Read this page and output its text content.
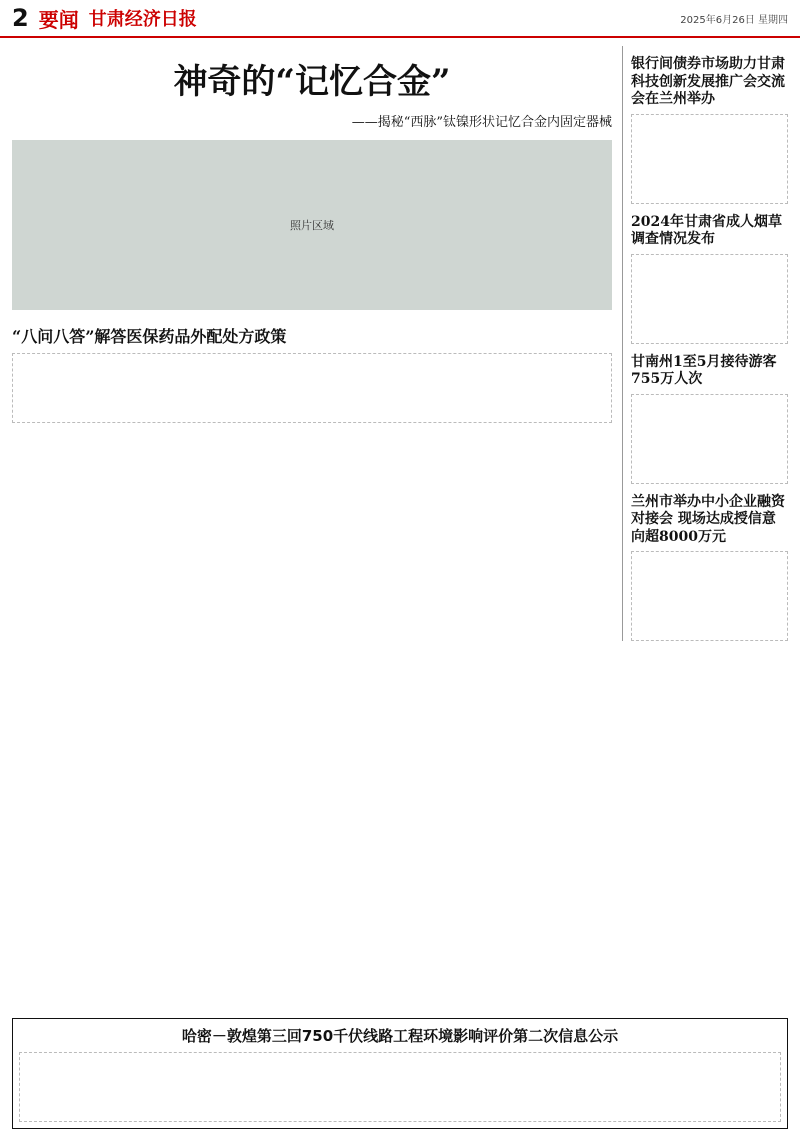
2 要闻 甘肃经济日报	2025年6月26日 星期四
神奇的“记忆合金”
——揭秘“西脉”钛镍形状记忆合金内固定器械
照片区域
“八问八答”解答医保药品外配处方政策
银行间债券市场助力甘肃科技创新发展推广会交流会在兰州举办
2024年甘肃省成人烟草调查情况发布
甘南州1至5月接待游客755万人次
兰州市举办中小企业融资对接会 现场达成授信意向超8000万元
哈密－敦煌第三回750千伏线路工程环境影响评价第二次信息公示
